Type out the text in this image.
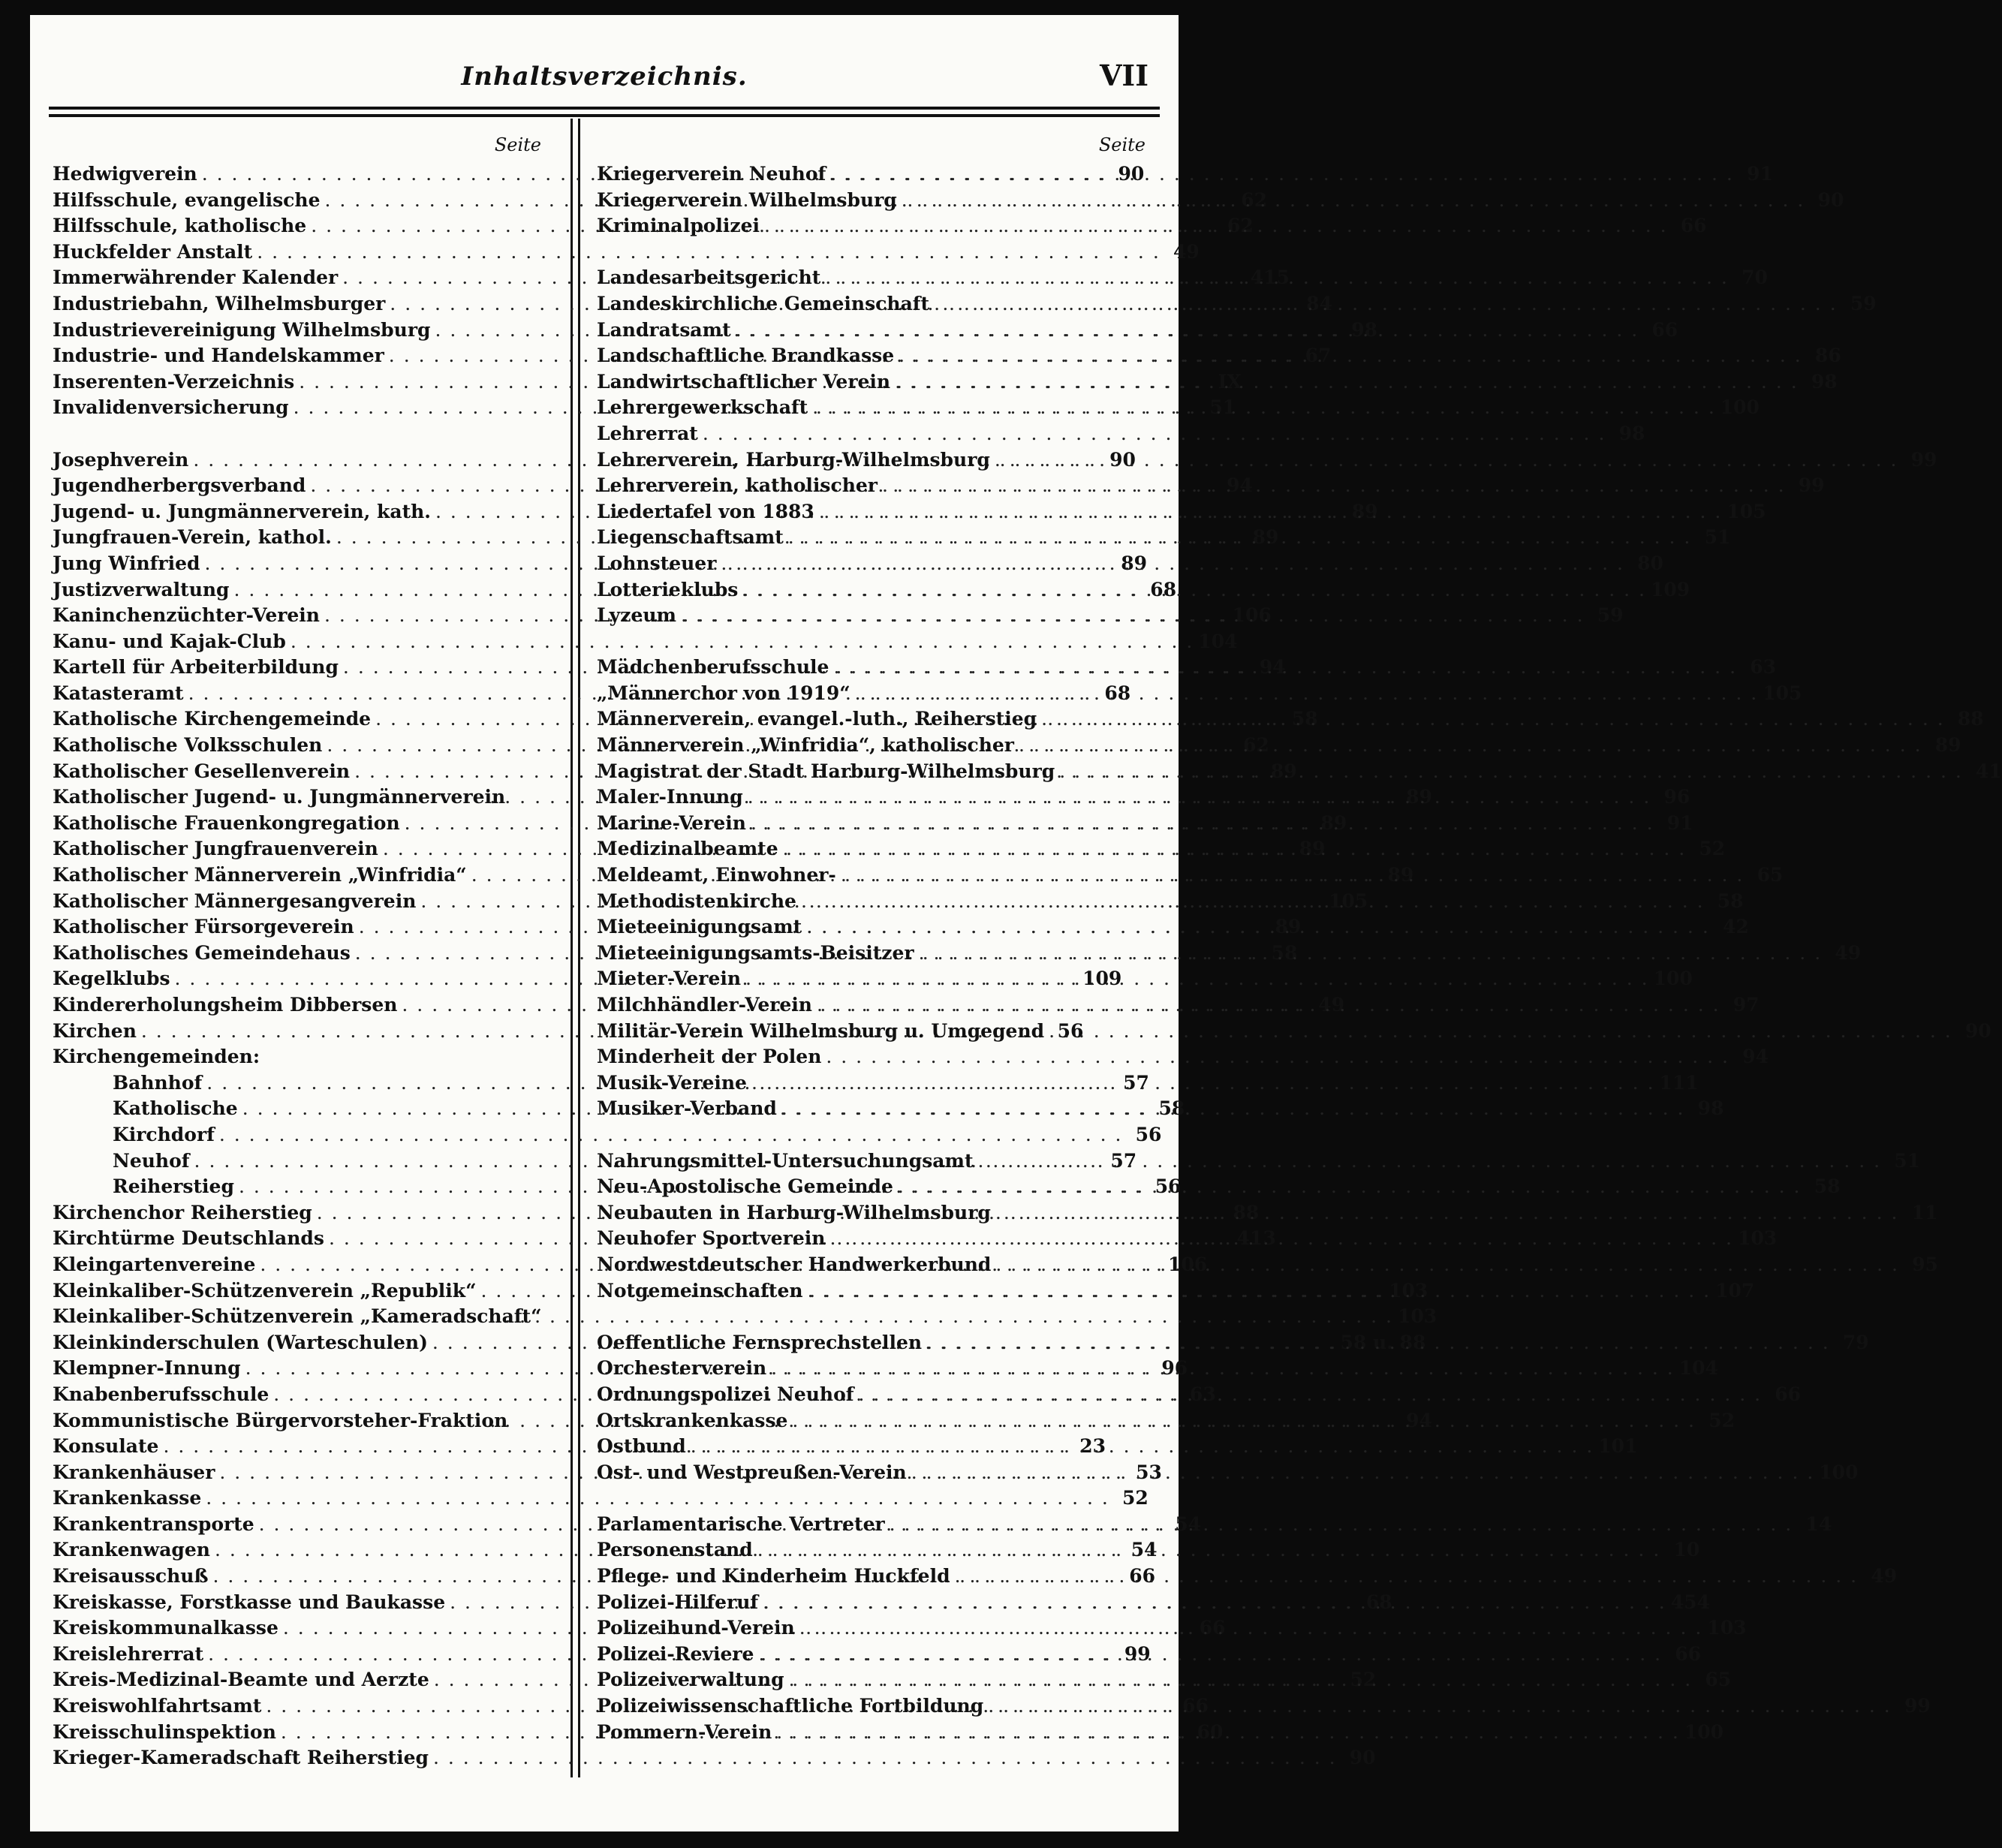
Inhaltsverzeichnis.	VII
Seite
Hedwigverein . . .	90
Hilfsschule, evangelische . . .	62
Hilfsschule, katholische . . .	62
Huckfelder Anstalt . . .	49
Immerwährender Kalender . . .	415
Industriebahn, Wilhelmsburger . . .	84
Industrievereinigung Wilhelmsburg . . .	98
Industrie- und Handelskammer . . .	67
Inserenten-Verzeichnis . . .	IX
Invalidenversicherung . . .	51
Josephverein . . .	90
Jugendherbergsverband . . .	94
Jugend- u. Jungmännerverein, kath. . . .	89
Jungfrauen-Verein, kathol. . . .	89
Jung Winfried . . .	89
Justizverwaltung . . .	68
Kaninchenzüchter-Verein . . .	106
Kanu- und Kajak-Club . . .	104
Kartell für Arbeiterbildung . . .	94
Katasteramt . . .	68
Katholische Kirchengemeinde . . .	58
Katholische Volksschulen . . .	62
Katholischer Gesellenverein . . .	89
Katholischer Jugend- u. Jungmännerverein . . .	89
Katholische Frauenkongregation . . .	89
Katholischer Jungfrauenverein . . .	89
Katholischer Männerverein „Winfridia“ . . .	89
Katholischer Männergesangverein . . .	105
Katholischer Fürsorgeverein . . .	89
Katholisches Gemeindehaus . . .	58
Kegelklubs . . .	109
Kindererholungsheim Dibbersen . . .	49
Kirchen . . .	56
Kirchengemeinden:
Bahnhof . . .	57
Katholische . . .	58
Kirchdorf . . .	56
Neuhof . . .	57
Reiherstieg . . .	56
Kirchenchor Reiherstieg . . .	88
Kirchtürme Deutschlands . . .	413
Kleingartenvereine . . .	106
Kleinkaliber-Schützenverein „Republik“ . . .	103
Kleinkaliber-Schützenverein „Kameradschaft“ . . .	103
Kleinkinderschulen (Warteschulen) . . .	58 u. 88
Klempner-Innung . . .	96
Knabenberufsschule . . .	63
Kommunistische Bürgervorsteher-Fraktion . . .	94
Konsulate . . .	23
Krankenhäuser . . .	53
Krankenkasse . . .	52
Krankentransporte . . .	54
Krankenwagen . . .	54
Kreisausschuß . . .	66
Kreiskasse, Forstkasse und Baukasse . . .	68
Kreiskommunalkasse . . .	66
Kreislehrerrat . . .	99
Kreis-Medizinal-Beamte und Aerzte . . .	52
Kreiswohlfahrtsamt . . .	66
Kreisschulinspektion . . .	60
Krieger-Kameradschaft Reiherstieg . . .	90
Seite
Kriegerverein Neuhof . . .	91
Kriegerverein Wilhelmsburg . . .	90
Kriminalpolizei . . .	66
Landesarbeitsgericht . . .	70
Landeskirchliche Gemeinschaft . . .	59
Landratsamt . . .	66
Landschaftliche Brandkasse . . .	86
Landwirtschaftlicher Verein . . .	98
Lehrergewerkschaft . . .	100
Lehrerrat . . .	98
Lehrerverein, Harburg-Wilhelmsburg . . .	99
Lehrerverein, katholischer . . .	99
Liedertafel von 1883 . . .	105
Liegenschaftsamt . . .	51
Lohnsteuer . . .	80
Lotterieklubs . . .	109
Lyzeum . . .	59
Mädchenberufsschule . . .	63
„Männerchor von 1919“ . . .	105
Männerverein, evangel.-luth., Reiherstieg . . .	88
Männerverein „Winfridia“, katholischer . . .	89
Magistrat der Stadt Harburg-Wilhelmsburg . . .	41
Maler-Innung . . .	96
Marine-Verein . . .	91
Medizinalbeamte . . .	52
Meldeamt, Einwohner- . . .	65
Methodistenkirche . . .	58
Mieteeinigungsamt . . .	42
Mieteeinigungsamts-Beisitzer . . .	49
Mieter-Verein . . .	100
Milchhändler-Verein . . .	97
Militär-Verein Wilhelmsburg u. Umgegend . . .	90
Minderheit der Polen . . .	94
Musik-Vereine . . .	111
Musiker-Verband . . .	98
Nahrungsmittel-Untersuchungsamt . . .	51
Neu-Apostolische Gemeinde . . .	58
Neubauten in Harburg-Wilhelmsburg . . .	11
Neuhofer Sportverein . . .	103
Nordwestdeutscher Handwerkerbund . . .	95
Notgemeinschaften . . .	107
Oeffentliche Fernsprechstellen . . .	79
Orchesterverein . . .	104
Ordnungspolizei Neuhof . . .	66
Ortskrankenkasse . . .	52
Ostbund . . .	101
Ost- und Westpreußen-Verein . . .	100
Parlamentarische Vertreter . . .	14
Personenstand . . .	10
Pflege- und Kinderheim Huckfeld . . .	49
Polizei-Hilferuf . . .	454
Polizeihund-Verein . . .	103
Polizei-Reviere . . .	66
Polizeiverwaltung . . .	65
Polizeiwissenschaftliche Fortbildung . . .	99
Pommern-Verein . . .	100
